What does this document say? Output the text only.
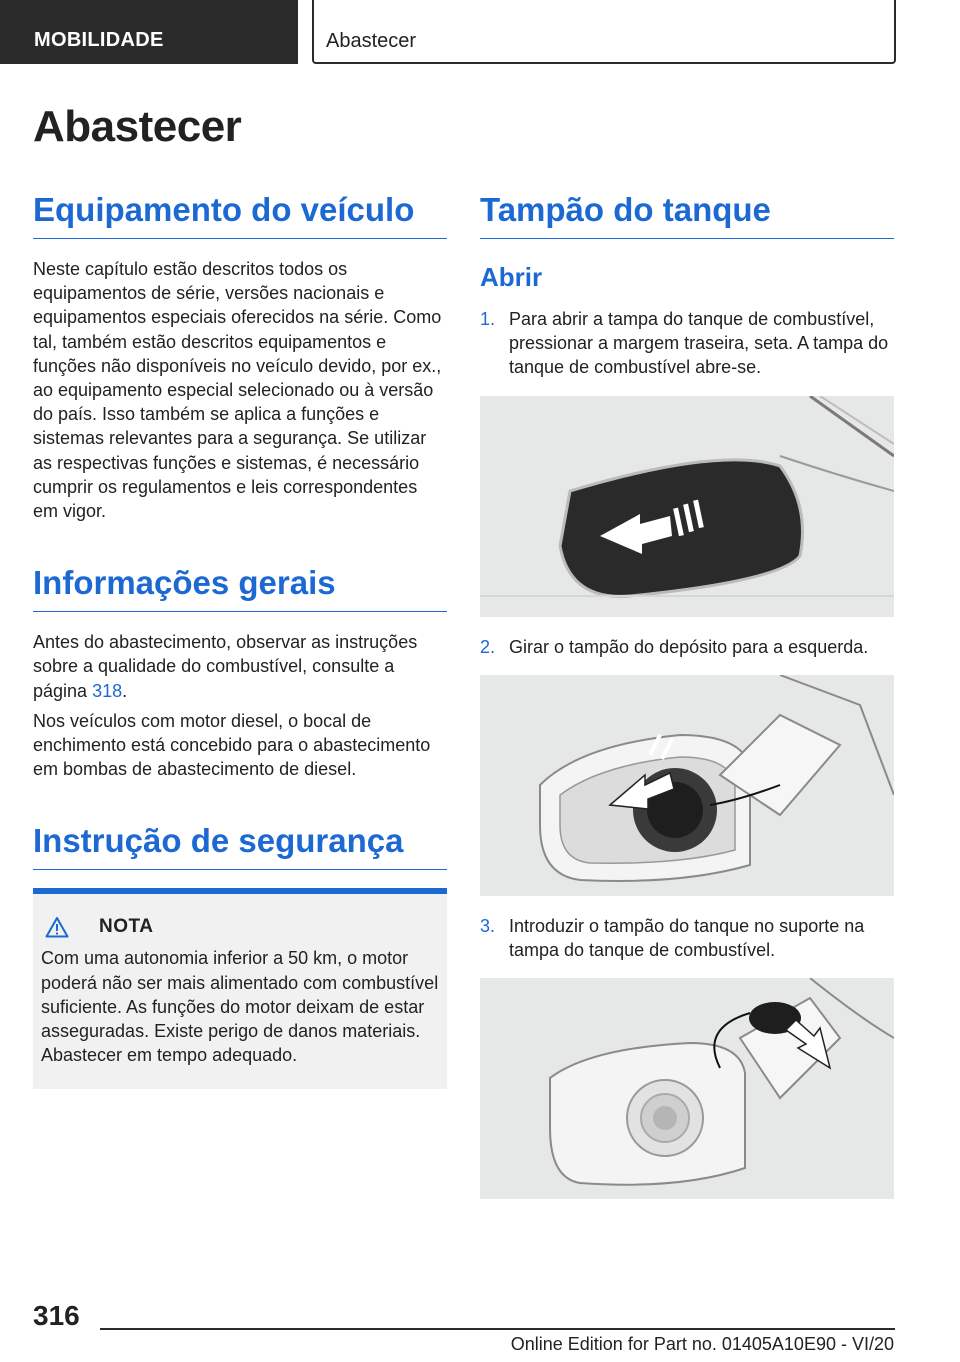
MOBILIDADE	Abastecer
Abastecer
Equipamento do veículo

Neste capítulo estão descritos todos os equipamentos de série, versões nacionais e equipamentos especiais oferecidos na série. Como tal, também estão descritos equipamentos e funções não disponíveis no veículo devido, por ex., ao equipamento especial selecionado ou à versão do país. Isso também se aplica a funções e sistemas relevantes para a segurança. Se utilizar as respectivas funções e sistemas, é necessário cumprir os regulamentos e leis correspondentes em vigor.

Informações gerais

Antes do abastecimento, observar as instruções sobre a qualidade do combustível, consulte a página 318.

Nos veículos com motor diesel, o bocal de enchimento está concebido para o abastecimento em bombas de abastecimento de diesel.

Instrução de segurança
NOTA

Com uma autonomia inferior a 50 km, o motor poderá não ser mais alimentado com combustível suficiente. As funções do motor deixam de estar asseguradas. Existe perigo de danos materiais. Abastecer em tempo adequado.

Tampão do tanque
Abrir
1. Para abrir a tampa do tanque de combustível, pressionar a margem traseira, seta. A tampa do tanque de combustível abre-se.
2. Girar o tampão do depósito para a esquerda.
3. Introduzir o tampão do tanque no suporte na tampa do tanque de combustível.
316
Online Edition for Part no. 01405A10E90 - VI/20
